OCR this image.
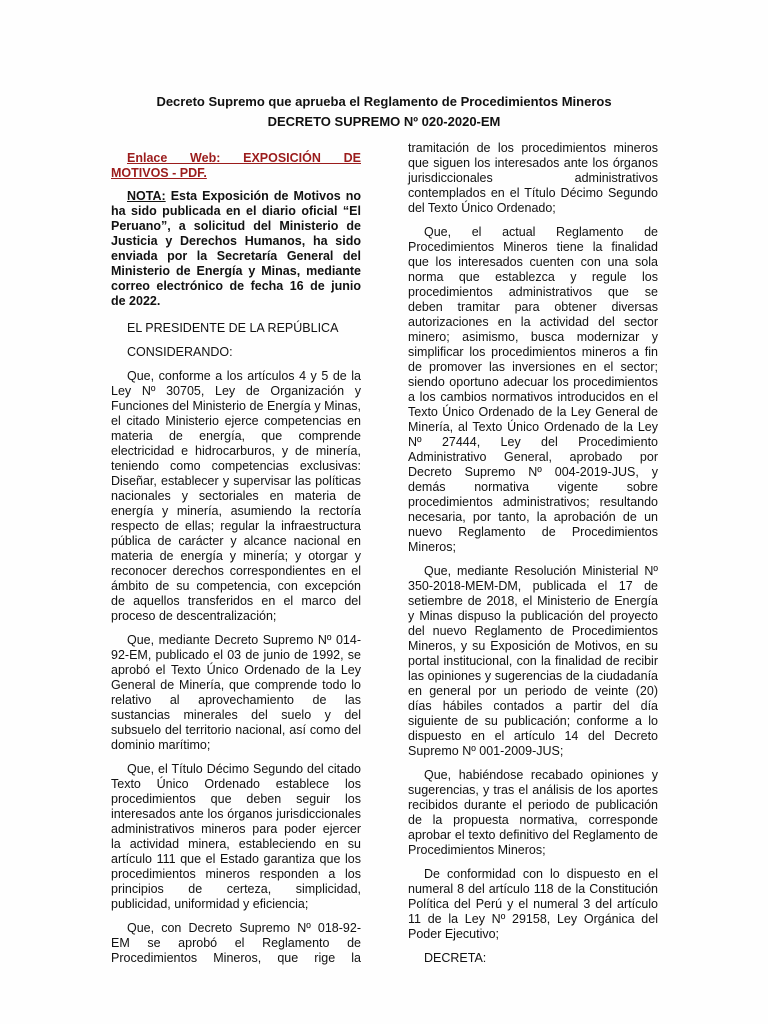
Decreto Supremo que aprueba el Reglamento de Procedimientos Mineros
DECRETO SUPREMO Nº 020-2020-EM

Enlace Web: EXPOSICIÓN DE MOTIVOS - PDF.

NOTA: Esta Exposición de Motivos no ha sido publicada en el diario oficial “El Peruano”, a solicitud del Ministerio de Justicia y Derechos Humanos, ha sido enviada por la Secretaría General del Ministerio de Energía y Minas, mediante correo electrónico de fecha 16 de junio de 2022.

EL PRESIDENTE DE LA REPÚBLICA

CONSIDERANDO:

Que, conforme a los artículos 4 y 5 de la Ley Nº 30705, Ley de Organización y Funciones del Ministerio de Energía y Minas, el citado Ministerio ejerce competencias en materia de energía, que comprende electricidad e hidrocarburos, y de minería, teniendo como competencias exclusivas: Diseñar, establecer y supervisar las políticas nacionales y sectoriales en materia de energía y minería, asumiendo la rectoría respecto de ellas; regular la infraestructura pública de carácter y alcance nacional en materia de energía y minería; y otorgar y reconocer derechos correspondientes en el ámbito de su competencia, con excepción de aquellos transferidos en el marco del proceso de descentralización;

Que, mediante Decreto Supremo Nº 014-92-EM, publicado el 03 de junio de 1992, se aprobó el Texto Único Ordenado de la Ley General de Minería, que comprende todo lo relativo al aprovechamiento de las sustancias minerales del suelo y del subsuelo del territorio nacional, así como del dominio marítimo;

Que, el Título Décimo Segundo del citado Texto Único Ordenado establece los procedimientos que deben seguir los interesados ante los órganos jurisdiccionales administrativos mineros para poder ejercer la actividad minera, estableciendo en su artículo 111 que el Estado garantiza que los procedimientos mineros responden a los principios de certeza, simplicidad, publicidad, uniformidad y eficiencia;

Que, con Decreto Supremo Nº 018-92-EM se aprobó el Reglamento de Procedimientos Mineros, que rige la

tramitación de los procedimientos mineros que siguen los interesados ante los órganos jurisdiccionales administrativos contemplados en el Título Décimo Segundo del Texto Único Ordenado;

Que, el actual Reglamento de Procedimientos Mineros tiene la finalidad que los interesados cuenten con una sola norma que establezca y regule los procedimientos administrativos que se deben tramitar para obtener diversas autorizaciones en la actividad del sector minero; asimismo, busca modernizar y simplificar los procedimientos mineros a fin de promover las inversiones en el sector; siendo oportuno adecuar los procedimientos a los cambios normativos introducidos en el Texto Único Ordenado de la Ley General de Minería, al Texto Único Ordenado de la Ley Nº 27444, Ley del Procedimiento Administrativo General, aprobado por Decreto Supremo Nº 004-2019-JUS, y demás normativa vigente sobre procedimientos administrativos; resultando necesaria, por tanto, la aprobación de un nuevo Reglamento de Procedimientos Mineros;

Que, mediante Resolución Ministerial Nº 350-2018-MEM-DM, publicada el 17 de setiembre de 2018, el Ministerio de Energía y Minas dispuso la publicación del proyecto del nuevo Reglamento de Procedimientos Mineros, y su Exposición de Motivos, en su portal institucional, con la finalidad de recibir las opiniones y sugerencias de la ciudadanía en general por un periodo de veinte (20) días hábiles contados a partir del día siguiente de su publicación; conforme a lo dispuesto en el artículo 14 del Decreto Supremo Nº 001-2009-JUS;

Que, habiéndose recabado opiniones y sugerencias, y tras el análisis de los aportes recibidos durante el periodo de publicación de la propuesta normativa, corresponde aprobar el texto definitivo del Reglamento de Procedimientos Mineros;

De conformidad con lo dispuesto en el numeral 8 del artículo 118 de la Constitución Política del Perú y el numeral 3 del artículo 11 de la Ley Nº 29158, Ley Orgánica del Poder Ejecutivo;

DECRETA:
